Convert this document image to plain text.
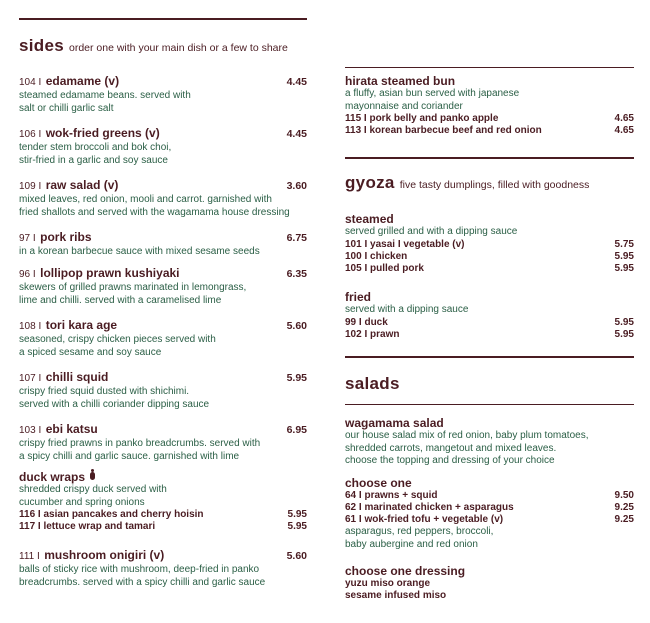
sides order one with your main dish or a few to share
104 I edamame (v)	4.45
steamed edamame beans. served with
salt or chilli garlic salt
106 I wok-fried greens (v)	4.45
tender stem broccoli and bok choi,
stir-fried in a garlic and soy sauce
109 I raw salad (v)	3.60
mixed leaves, red onion, mooli and carrot. garnished with
fried shallots and served with the wagamama house dressing
97 I pork ribs	6.75
in a korean barbecue sauce with mixed sesame seeds
96 I lollipop prawn kushiyaki	6.35
skewers of grilled prawns marinated in lemongrass,
lime and chilli. served with a caramelised lime
108 I tori kara age	5.60
seasoned, crispy chicken pieces served with
a spiced sesame and soy sauce
107 I chilli squid	5.95
crispy fried squid dusted with shichimi.
served with a chilli coriander dipping sauce
103 I ebi katsu	6.95
crispy fried prawns in panko breadcrumbs. served with
a spicy chilli and garlic sauce. garnished with lime
duck wraps
shredded crispy duck served with
cucumber and spring onions
116 I asian pancakes and cherry hoisin	5.95
117 I lettuce wrap and tamari	5.95
111 I mushroom onigiri (v)	5.60
balls of sticky rice with mushroom, deep-fried in panko
breadcrumbs. served with a spicy chilli and garlic sauce
hirata steamed bun
a fluffy, asian bun served with japanese
mayonnaise and coriander
115 I pork belly and panko apple	4.65
113 I korean barbecue beef and red onion	4.65
gyoza five tasty dumplings, filled with goodness
steamed
served grilled and with a dipping sauce
101 I yasai I vegetable (v)	5.75
100 I chicken	5.95
105 I pulled pork	5.95
fried
served with a dipping sauce
99 I duck	5.95
102 I prawn	5.95
salads
wagamama salad
our house salad mix of red onion, baby plum tomatoes,
shredded carrots, mangetout and mixed leaves.
choose the topping and dressing of your choice
choose one
64 I prawns + squid	9.50
62 I marinated chicken + asparagus	9.25
61 I wok-fried tofu + vegetable (v)	9.25
asparagus, red peppers, broccoli,
baby aubergine and red onion
choose one dressing
yuzu miso orange
sesame infused miso
